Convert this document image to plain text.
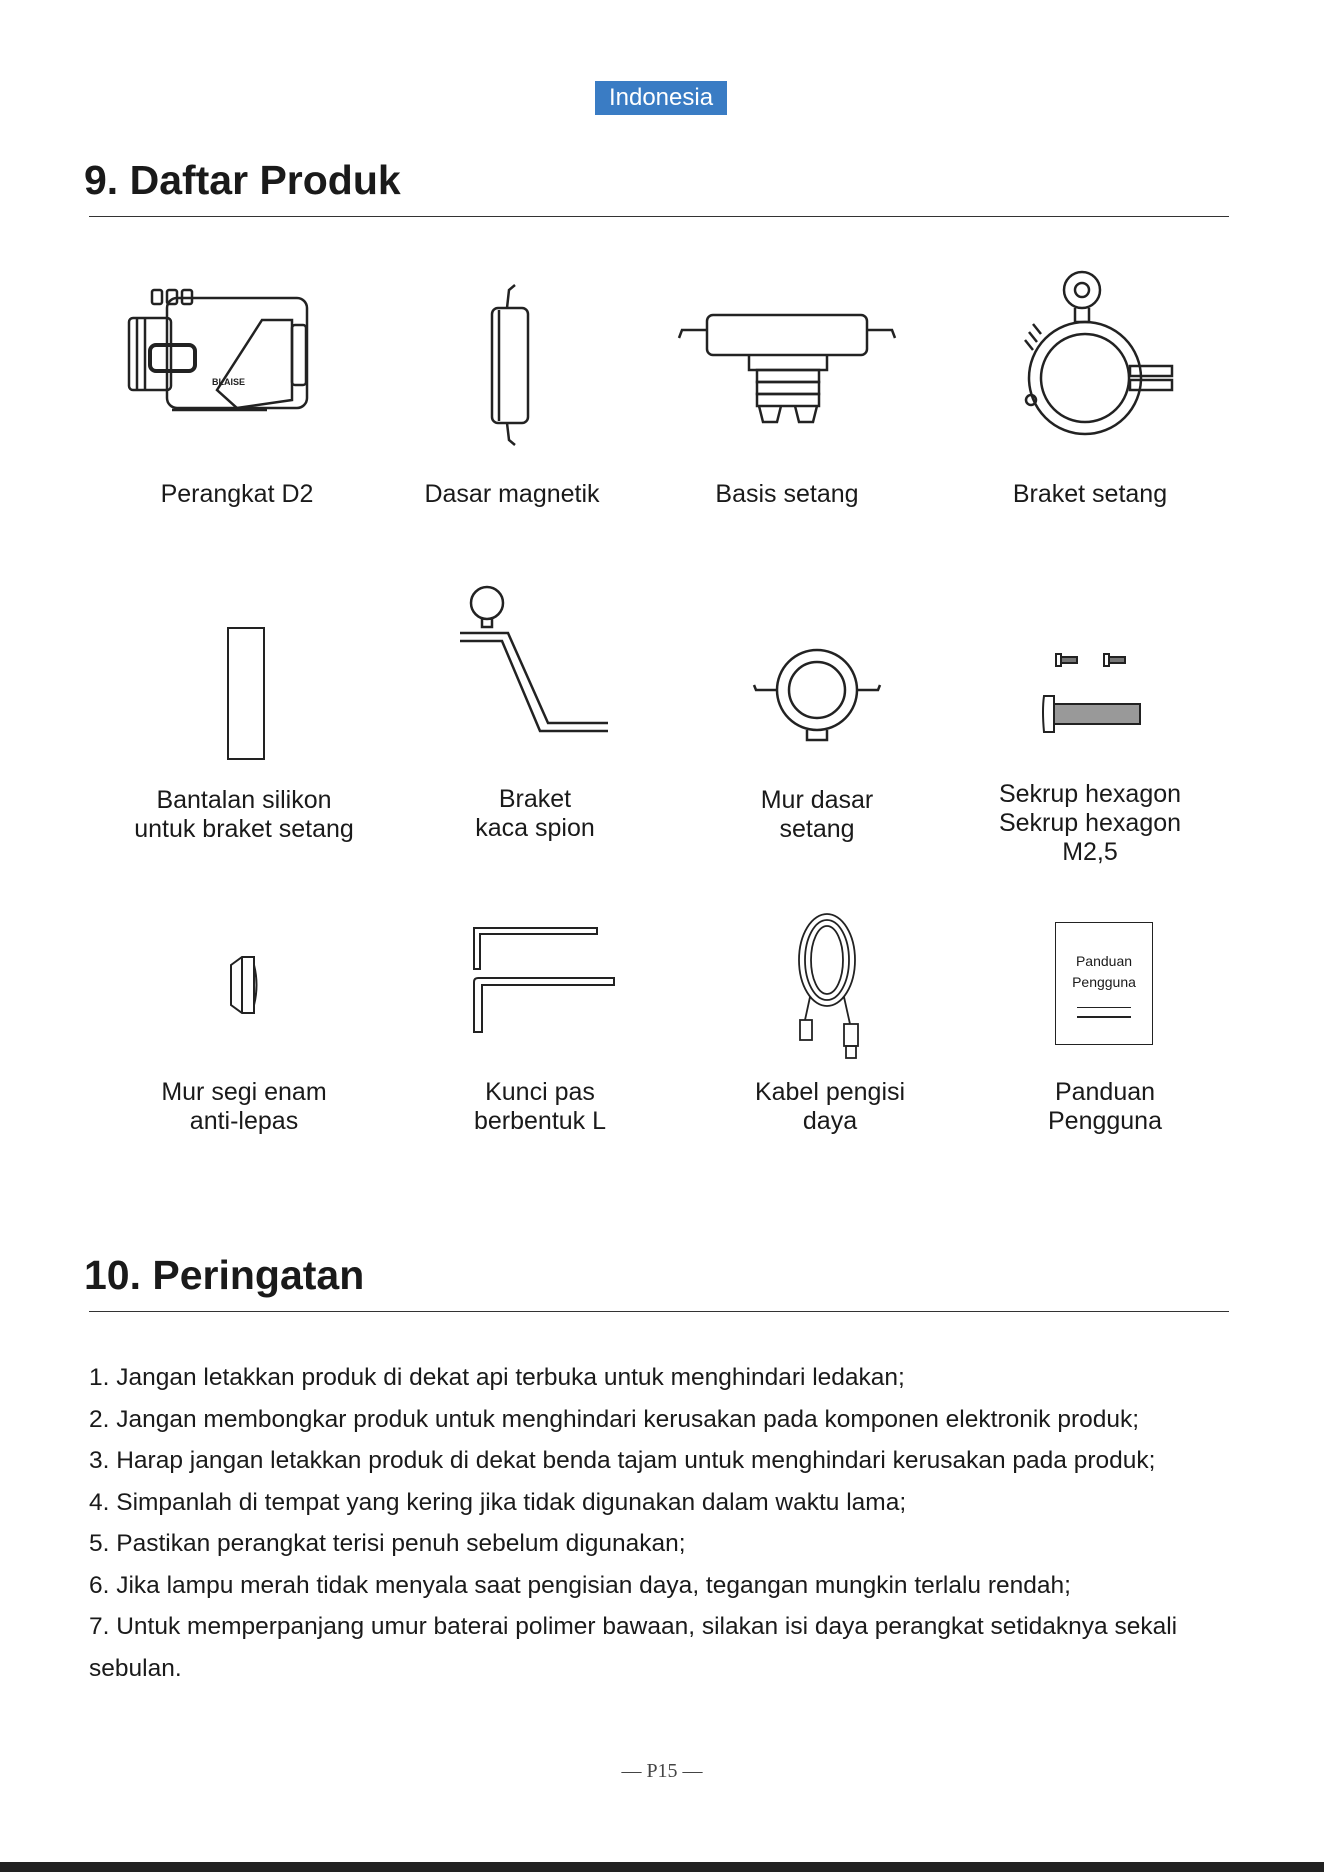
Indonesia
9. Daftar Produk
BLAISE
Perangkat D2	Dasar magnetik	Basis setang	Braket setang
Bantalan silikon
untuk braket setang
Braket
kaca spion
Mur dasar
setang
Sekrup hexagon
Sekrup hexagon
M2,5
Mur segi enam
anti-lepas
Kunci pas
berbentuk L
Kabel pengisi
daya
Panduan
Pengguna
Panduan
Pengguna
10. Peringatan
1. Jangan letakkan produk di dekat api terbuka untuk menghindari ledakan;
2. Jangan membongkar produk untuk menghindari kerusakan pada komponen elektronik produk;
3. Harap jangan letakkan produk di dekat benda tajam untuk menghindari kerusakan pada produk;
4. Simpanlah di tempat yang kering jika tidak digunakan dalam waktu lama;
5. Pastikan perangkat terisi penuh sebelum digunakan;
6. Jika lampu merah tidak menyala saat pengisian daya, tegangan mungkin terlalu rendah;
7. Untuk memperpanjang umur baterai polimer bawaan, silakan isi daya perangkat setidaknya sekali sebulan.
— P15 —
